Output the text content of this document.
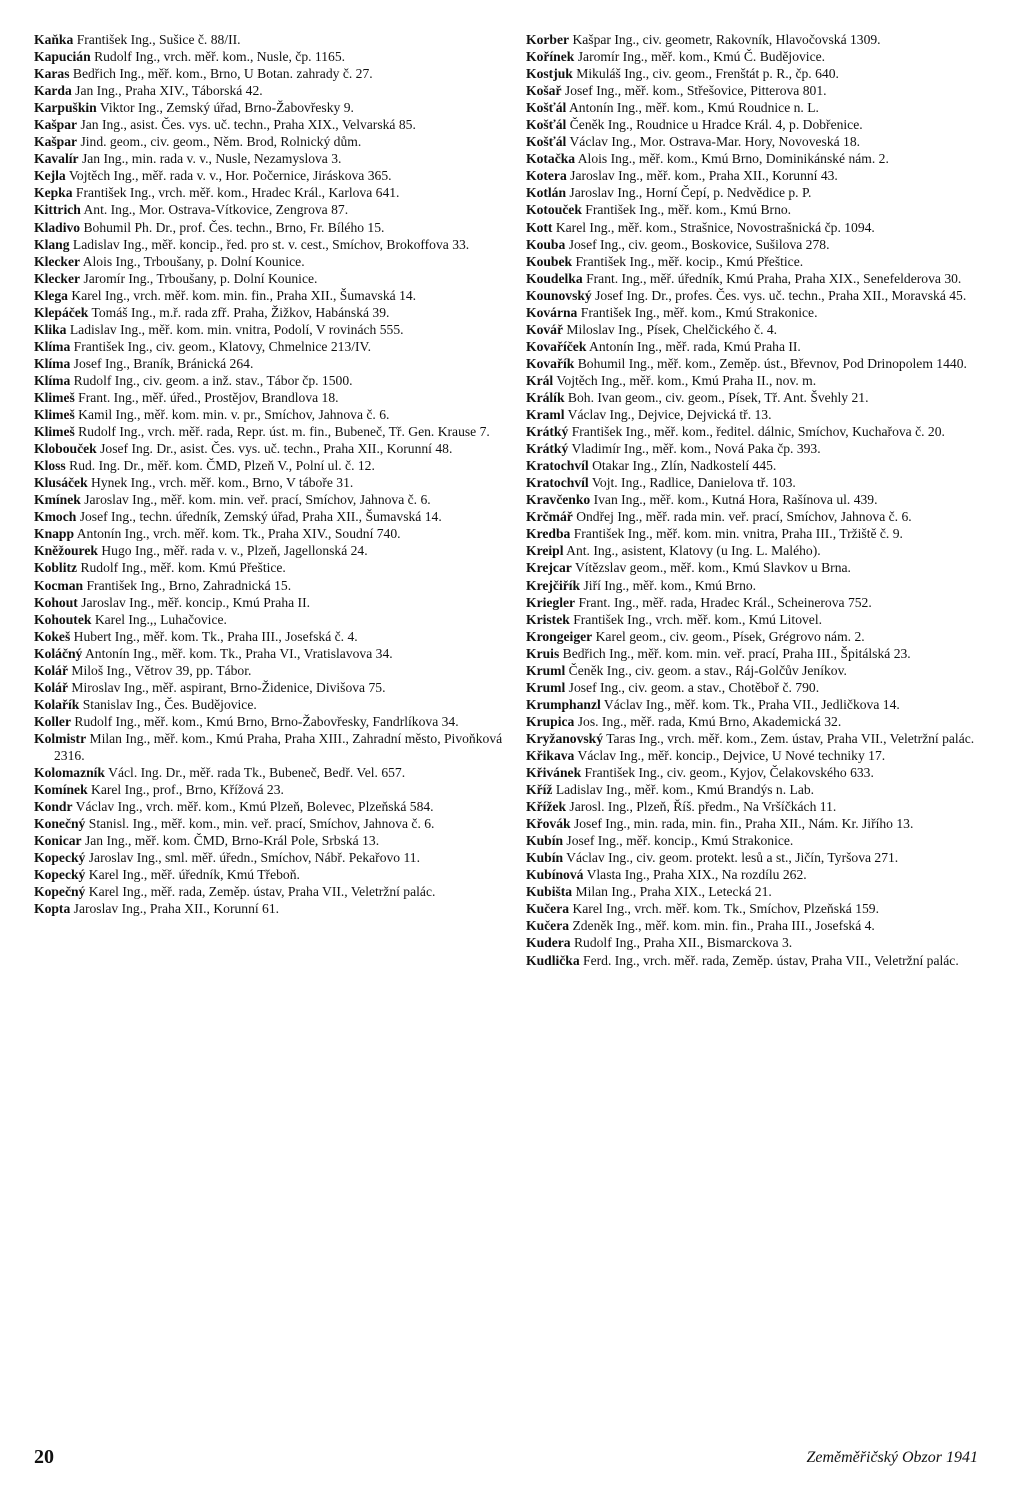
Kaňka František Ing., Sušice č. 88/II.

Kapucián Rudolf Ing., vrch. měř. kom., Nusle, čp. 1165.

Karas Bedřich Ing., měř. kom., Brno, U Botan. zahrady č. 27.

Karda Jan Ing., Praha XIV., Táborská 42.

Karpuškin Viktor Ing., Zemský úřad, Brno-Žabovřesky 9.

Kašpar Jan Ing., asist. Čes. vys. uč. techn., Praha XIX., Velvarská 85.

Kašpar Jind. geom., civ. geom., Něm. Brod, Rolnický dům.

Kavalír Jan Ing., min. rada v. v., Nusle, Nezamyslova 3.

Kejla Vojtěch Ing., měř. rada v. v., Hor. Počernice, Jiráskova 365.

Kepka František Ing., vrch. měř. kom., Hradec Král., Karlova 641.

Kittrich Ant. Ing., Mor. Ostrava-Vítkovice, Zengrova 87.

Kladivo Bohumil Ph. Dr., prof. Čes. techn., Brno, Fr. Bílého 15.

Klang Ladislav Ing., měř. koncip., řed. pro st. v. cest., Smíchov, Brokoffova 33.

Klecker Alois Ing., Trboušany, p. Dolní Kounice.

Klecker Jaromír Ing., Trboušany, p. Dolní Kounice.

Klega Karel Ing., vrch. měř. kom. min. fin., Praha XII., Šumavská 14.

Klepáček Tomáš Ing., m.ř. rada zfř. Praha, Žižkov, Habánská 39.

Klika Ladislav Ing., měř. kom. min. vnitra, Podolí, V rovinách 555.

Klíma František Ing., civ. geom., Klatovy, Chmelnice 213/IV.

Klíma Josef Ing., Braník, Bránická 264.

Klíma Rudolf Ing., civ. geom. a inž. stav., Tábor čp. 1500.

Klimeš Frant. Ing., měř. úřed., Prostějov, Brandlova 18.

Klimeš Kamil Ing., měř. kom. min. v. pr., Smíchov, Jahnova č. 6.

Klimeš Rudolf Ing., vrch. měř. rada, Repr. úst. m. fin., Bubeneč, Tř. Gen. Krause 7.

Klobouček Josef Ing. Dr., asist. Čes. vys. uč. techn., Praha XII., Korunní 48.

Kloss Rud. Ing. Dr., měř. kom. ČMD, Plzeň V., Polní ul. č. 12.

Klusáček Hynek Ing., vrch. měř. kom., Brno, V táboře 31.

Kmínek Jaroslav Ing., měř. kom. min. veř. prací, Smíchov, Jahnova č. 6.

Kmoch Josef Ing., techn. úředník, Zemský úřad, Praha XII., Šumavská 14.

Knapp Antonín Ing., vrch. měř. kom. Tk., Praha XIV., Soudní 740.

Kněžourek Hugo Ing., měř. rada v. v., Plzeň, Jagellonská 24.

Koblitz Rudolf Ing., měř. kom. Kmú Přeštice.

Kocman František Ing., Brno, Zahradnická 15.

Kohout Jaroslav Ing., měř. koncip., Kmú Praha II.

Kohoutek Karel Ing.,, Luhačovice.

Kokeš Hubert Ing., měř. kom. Tk., Praha III., Josefská č. 4.

Koláčný Antonín Ing., měř. kom. Tk., Praha VI., Vratislavova 34.

Kolář Miloš Ing., Větrov 39, pp. Tábor.

Kolář Miroslav Ing., měř. aspirant, Brno-Židenice, Divišova 75.

Kolařík Stanislav Ing., Čes. Budějovice.

Koller Rudolf Ing., měř. kom., Kmú Brno, Brno-Žabovřesky, Fandrlíkova 34.

Kolmistr Milan Ing., měř. kom., Kmú Praha, Praha XIII., Zahradní město, Pivoňková 2316.

Kolomazník Václ. Ing. Dr., měř. rada Tk., Bubeneč, Bedř. Vel. 657.

Komínek Karel Ing., prof., Brno, Křížová 23.

Kondr Václav Ing., vrch. měř. kom., Kmú Plzeň, Bolevec, Plzeňská 584.

Konečný Stanisl. Ing., měř. kom., min. veř. prací, Smíchov, Jahnova č. 6.

Konicar Jan Ing., měř. kom. ČMD, Brno-Král Pole, Srbská 13.

Kopecký Jaroslav Ing., sml. měř. úředn., Smíchov, Nábř. Pekařovo 11.

Kopecký Karel Ing., měř. úředník, Kmú Třeboň.

Kopečný Karel Ing., měř. rada, Zeměp. ústav, Praha VII., Veletržní palác.

Kopta Jaroslav Ing., Praha XII., Korunní 61.

Korber Kašpar Ing., civ. geometr, Rakovník, Hlavočovská 1309.

Kořínek Jaromír Ing., měř. kom., Kmú Č. Budějovice.

Kostjuk Mikuláš Ing., civ. geom., Frenštát p. R., čp. 640.

Košař Josef Ing., měř. kom., Střešovice, Pitterova 801.

Košťál Antonín Ing., měř. kom., Kmú Roudnice n. L.

Košťál Čeněk Ing., Roudnice u Hradce Král. 4, p. Dobřenice.

Košťál Václav Ing., Mor. Ostrava-Mar. Hory, Novoveská 18.

Kotačka Alois Ing., měř. kom., Kmú Brno, Dominikánské nám. 2.

Kotera Jaroslav Ing., měř. kom., Praha XII., Korunní 43.

Kotlán Jaroslav Ing., Horní Čepí, p. Nedvědice p. P.

Kotouček František Ing., měř. kom., Kmú Brno.

Kott Karel Ing., měř. kom., Strašnice, Novostrašnická čp. 1094.

Kouba Josef Ing., civ. geom., Boskovice, Sušilova 278.

Koubek František Ing., měř. kocip., Kmú Přeštice.

Koudelka Frant. Ing., měř. úředník, Kmú Praha, Praha XIX., Senefelderova 30.

Kounovský Josef Ing. Dr., profes. Čes. vys. uč. techn., Praha XII., Moravská 45.

Kovárna František Ing., měř. kom., Kmú Strakonice.

Kovář Miloslav Ing., Písek, Chelčického č. 4.

Kovaříček Antonín Ing., měř. rada, Kmú Praha II.

Kovařík Bohumil Ing., měř. kom., Zeměp. úst., Břevnov, Pod Drinopolem 1440.

Král Vojtěch Ing., měř. kom., Kmú Praha II., nov. m.

Králík Boh. Ivan geom., civ. geom., Písek, Tř. Ant. Švehly 21.

Kraml Václav Ing., Dejvice, Dejvická tř. 13.

Krátký František Ing., měř. kom., ředitel. dálnic, Smíchov, Kuchařova č. 20.

Krátký Vladimír Ing., měř. kom., Nová Paka čp. 393.

Kratochvíl Otakar Ing., Zlín, Nadkostelí 445.

Kratochvíl Vojt. Ing., Radlice, Danielova tř. 103.

Kravčenko Ivan Ing., měř. kom., Kutná Hora, Rašínova ul. 439.

Krčmář Ondřej Ing., měř. rada min. veř. prací, Smíchov, Jahnova č. 6.

Kredba František Ing., měř. kom. min. vnitra, Praha III., Tržiště č. 9.

Kreipl Ant. Ing., asistent, Klatovy (u Ing. L. Malého).

Krejcar Vítězslav geom., měř. kom., Kmú Slavkov u Brna.

Krejčiřík Jiří Ing., měř. kom., Kmú Brno.

Kriegler Frant. Ing., měř. rada, Hradec Král., Scheinerova 752.

Kristek František Ing., vrch. měř. kom., Kmú Litovel.

Krongeiger Karel geom., civ. geom., Písek, Grégrovo nám. 2.

Kruis Bedřich Ing., měř. kom. min. veř. prací, Praha III., Špitálská 23.

Kruml Čeněk Ing., civ. geom. a stav., Ráj-Golčův Jeníkov.

Kruml Josef Ing., civ. geom. a stav., Chotěboř č. 790.

Krumphanzl Václav Ing., měř. kom. Tk., Praha VII., Jedličkova 14.

Krupica Jos. Ing., měř. rada, Kmú Brno, Akademická 32.

Kryžanovský Taras Ing., vrch. měř. kom., Zem. ústav, Praha VII., Veletržní palác.

Křikava Václav Ing., měř. koncip., Dejvice, U Nové techniky 17.

Křivánek František Ing., civ. geom., Kyjov, Čelakovského 633.

Kříž Ladislav Ing., měř. kom., Kmú Brandýs n. Lab.

Křížek Jarosl. Ing., Plzeň, Říš. předm., Na Vršíčkách 11.

Křovák Josef Ing., min. rada, min. fin., Praha XII., Nám. Kr. Jiřího 13.

Kubín Josef Ing., měř. koncip., Kmú Strakonice.

Kubín Václav Ing., civ. geom. protekt. lesů a st., Jičín, Tyršova 271.

Kubínová Vlasta Ing., Praha XIX., Na rozdílu 262.

Kubišta Milan Ing., Praha XIX., Letecká 21.

Kučera Karel Ing., vrch. měř. kom. Tk., Smíchov, Plzeňská 159.

Kučera Zdeněk Ing., měř. kom. min. fin., Praha III., Josefská 4.

Kudera Rudolf Ing., Praha XII., Bismarckova 3.

Kudlička Ferd. Ing., vrch. měř. rada, Zeměp. ústav, Praha VII., Veletržní palác.

20	Zeměměřičský Obzor 1941
